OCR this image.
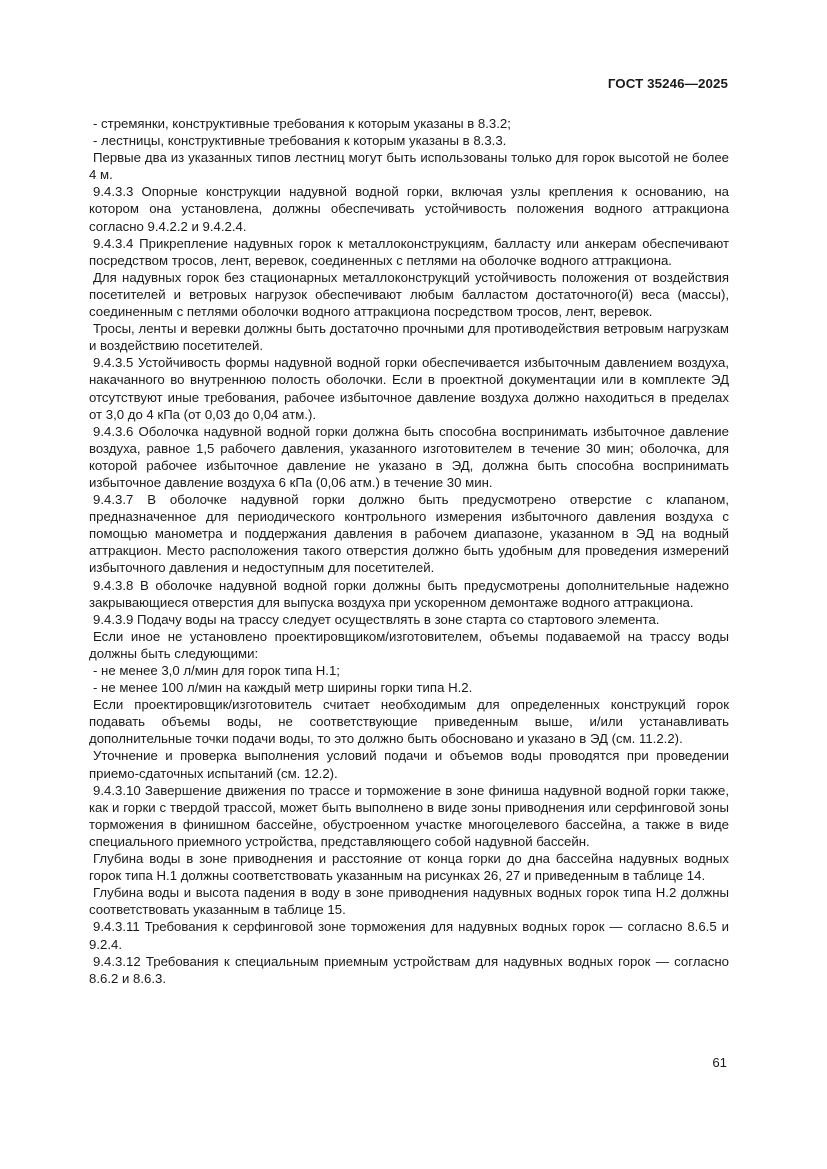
ГОСТ 35246—2025

- стремянки, конструктивные требования к которым указаны в 8.3.2;

- лестницы, конструктивные требования к которым указаны в 8.3.3.

Первые два из указанных типов лестниц могут быть использованы только для горок высотой не более 4 м.

9.4.3.3 Опорные конструкции надувной водной горки, включая узлы крепления к основанию, на котором она установлена, должны обеспечивать устойчивость положения водного аттракциона согласно 9.4.2.2 и 9.4.2.4.

9.4.3.4 Прикрепление надувных горок к металлоконструкциям, балласту или анкерам обеспечивают посредством тросов, лент, веревок, соединенных с петлями на оболочке водного аттракциона.

Для надувных горок без стационарных металлоконструкций устойчивость положения от воздействия посетителей и ветровых нагрузок обеспечивают любым балластом достаточного(й) веса (массы), соединенным с петлями оболочки водного аттракциона посредством тросов, лент, веревок.

Тросы, ленты и веревки должны быть достаточно прочными для противодействия ветровым нагрузкам и воздействию посетителей.

9.4.3.5 Устойчивость формы надувной водной горки обеспечивается избыточным давлением воздуха, накачанного во внутреннюю полость оболочки. Если в проектной документации или в комплекте ЭД отсутствуют иные требования, рабочее избыточное давление воздуха должно находиться в пределах от 3,0 до 4 кПа (от 0,03 до 0,04 атм.).

9.4.3.6 Оболочка надувной водной горки должна быть способна воспринимать избыточное давление воздуха, равное 1,5 рабочего давления, указанного изготовителем в течение 30 мин; оболочка, для которой рабочее избыточное давление не указано в ЭД, должна быть способна воспринимать избыточное давление воздуха 6 кПа (0,06 атм.) в течение 30 мин.

9.4.3.7 В оболочке надувной горки должно быть предусмотрено отверстие с клапаном, предназначенное для периодического контрольного измерения избыточного давления воздуха с помощью манометра и поддержания давления в рабочем диапазоне, указанном в ЭД на водный аттракцион. Место расположения такого отверстия должно быть удобным для проведения измерений избыточного давления и недоступным для посетителей.

9.4.3.8 В оболочке надувной водной горки должны быть предусмотрены дополнительные надежно закрывающиеся отверстия для выпуска воздуха при ускоренном демонтаже водного аттракциона.

9.4.3.9 Подачу воды на трассу следует осуществлять в зоне старта со стартового элемента.

Если иное не установлено проектировщиком/изготовителем, объемы подаваемой на трассу воды должны быть следующими:

- не менее 3,0 л/мин для горок типа Н.1;

- не менее 100 л/мин на каждый метр ширины горки типа Н.2.

Если проектировщик/изготовитель считает необходимым для определенных конструкций горок подавать объемы воды, не соответствующие приведенным выше, и/или устанавливать дополнительные точки подачи воды, то это должно быть обосновано и указано в ЭД (см. 11.2.2).

Уточнение и проверка выполнения условий подачи и объемов воды проводятся при проведении приемо-сдаточных испытаний (см. 12.2).

9.4.3.10 Завершение движения по трассе и торможение в зоне финиша надувной водной горки также, как и горки с твердой трассой, может быть выполнено в виде зоны приводнения или серфинговой зоны торможения в финишном бассейне, обустроенном участке многоцелевого бассейна, а также в виде специального приемного устройства, представляющего собой надувной бассейн.

Глубина воды в зоне приводнения и расстояние от конца горки до дна бассейна надувных водных горок типа Н.1 должны соответствовать указанным на рисунках 26, 27 и приведенным в таблице 14.

Глубина воды и высота падения в воду в зоне приводнения надувных водных горок типа Н.2 должны соответствовать указанным в таблице 15.

9.4.3.11 Требования к серфинговой зоне торможения для надувных водных горок — согласно 8.6.5 и 9.2.4.

9.4.3.12 Требования к специальным приемным устройствам для надувных водных горок — согласно 8.6.2 и 8.6.3.

61
